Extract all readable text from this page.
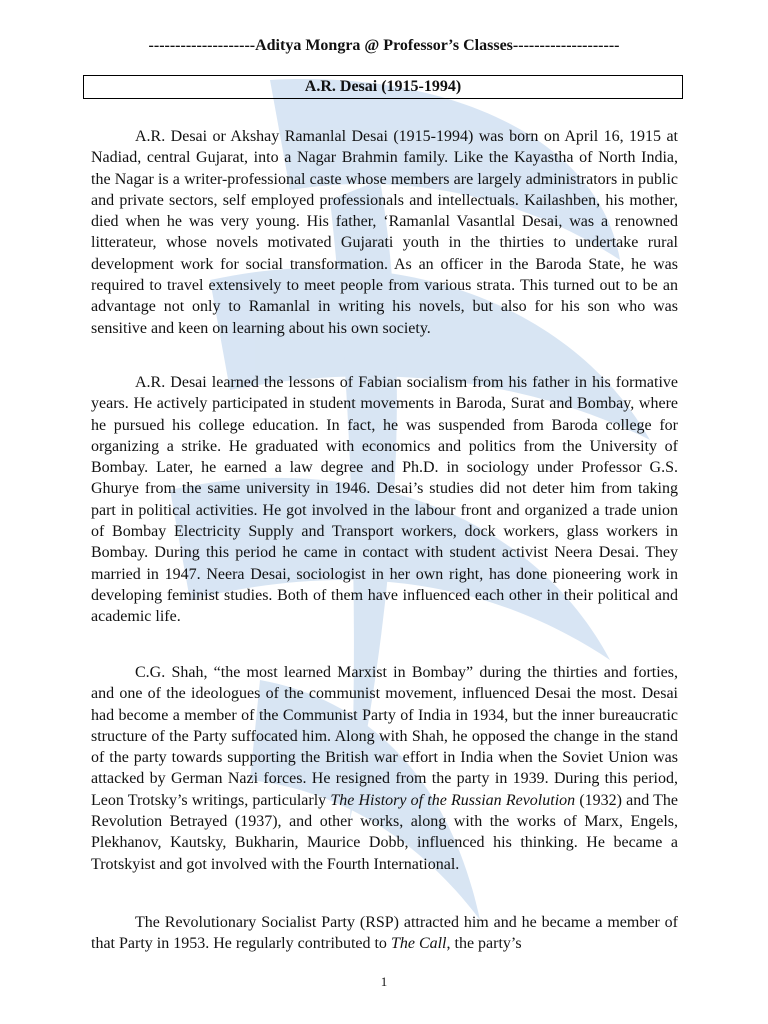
--------------------Aditya Mongra @ Professor’s Classes--------------------
A.R. Desai (1915-1994)

A.R. Desai or Akshay Ramanlal Desai (1915-1994) was born on April 16, 1915 at Nadiad, central Gujarat, into a Nagar Brahmin family. Like the Kayastha of North India, the Nagar is a writer-professional caste whose members are largely administrators in public and private sectors, self employed professionals and intellectuals. Kailashben, his mother, died when he was very young. His father, ‘Ramanlal Vasantlal Desai, was a renowned litterateur, whose novels motivated Gujarati youth in the thirties to undertake rural development work for social transformation. As an officer in the Baroda State, he was required to travel extensively to meet people from various strata. This turned out to be an advantage not only to Ramanlal in writing his novels, but also for his son who was sensitive and keen on learning about his own society.

A.R. Desai learned the lessons of Fabian socialism from his father in his formative years. He actively participated in student movements in Baroda, Surat and Bombay, where he pursued his college education. In fact, he was suspended from Baroda college for organizing a strike. He graduated with economics and politics from the University of Bombay. Later, he earned a law degree and Ph.D. in sociology under Professor G.S. Ghurye from the same university in 1946. Desai’s studies did not deter him from taking part in political activities. He got involved in the labour front and organized a trade union of Bombay Electricity Supply and Transport workers, dock workers, glass workers in Bombay. During this period he came in contact with student activist Neera Desai. They married in 1947. Neera Desai, sociologist in her own right, has done pioneering work in developing feminist studies. Both of them have influenced each other in their political and academic life.

C.G. Shah, “the most learned Marxist in Bombay” during the thirties and forties, and one of the ideologues of the communist movement, influenced Desai the most. Desai had become a member of the Communist Party of India in 1934, but the inner bureaucratic structure of the Party suffocated him. Along with Shah, he opposed the change in the stand of the party towards supporting the British war effort in India when the Soviet Union was attacked by German Nazi forces. He resigned from the party in 1939. During this period, Leon Trotsky’s writings, particularly The History of the Russian Revolution (1932) and The Revolution Betrayed (1937), and other works, along with the works of Marx, Engels, Plekhanov, Kautsky, Bukharin, Maurice Dobb, influenced his thinking. He became a Trotskyist and got involved with the Fourth International.

The Revolutionary Socialist Party (RSP) attracted him and he became a member of that Party in 1953. He regularly contributed to The Call, the party’s

1
